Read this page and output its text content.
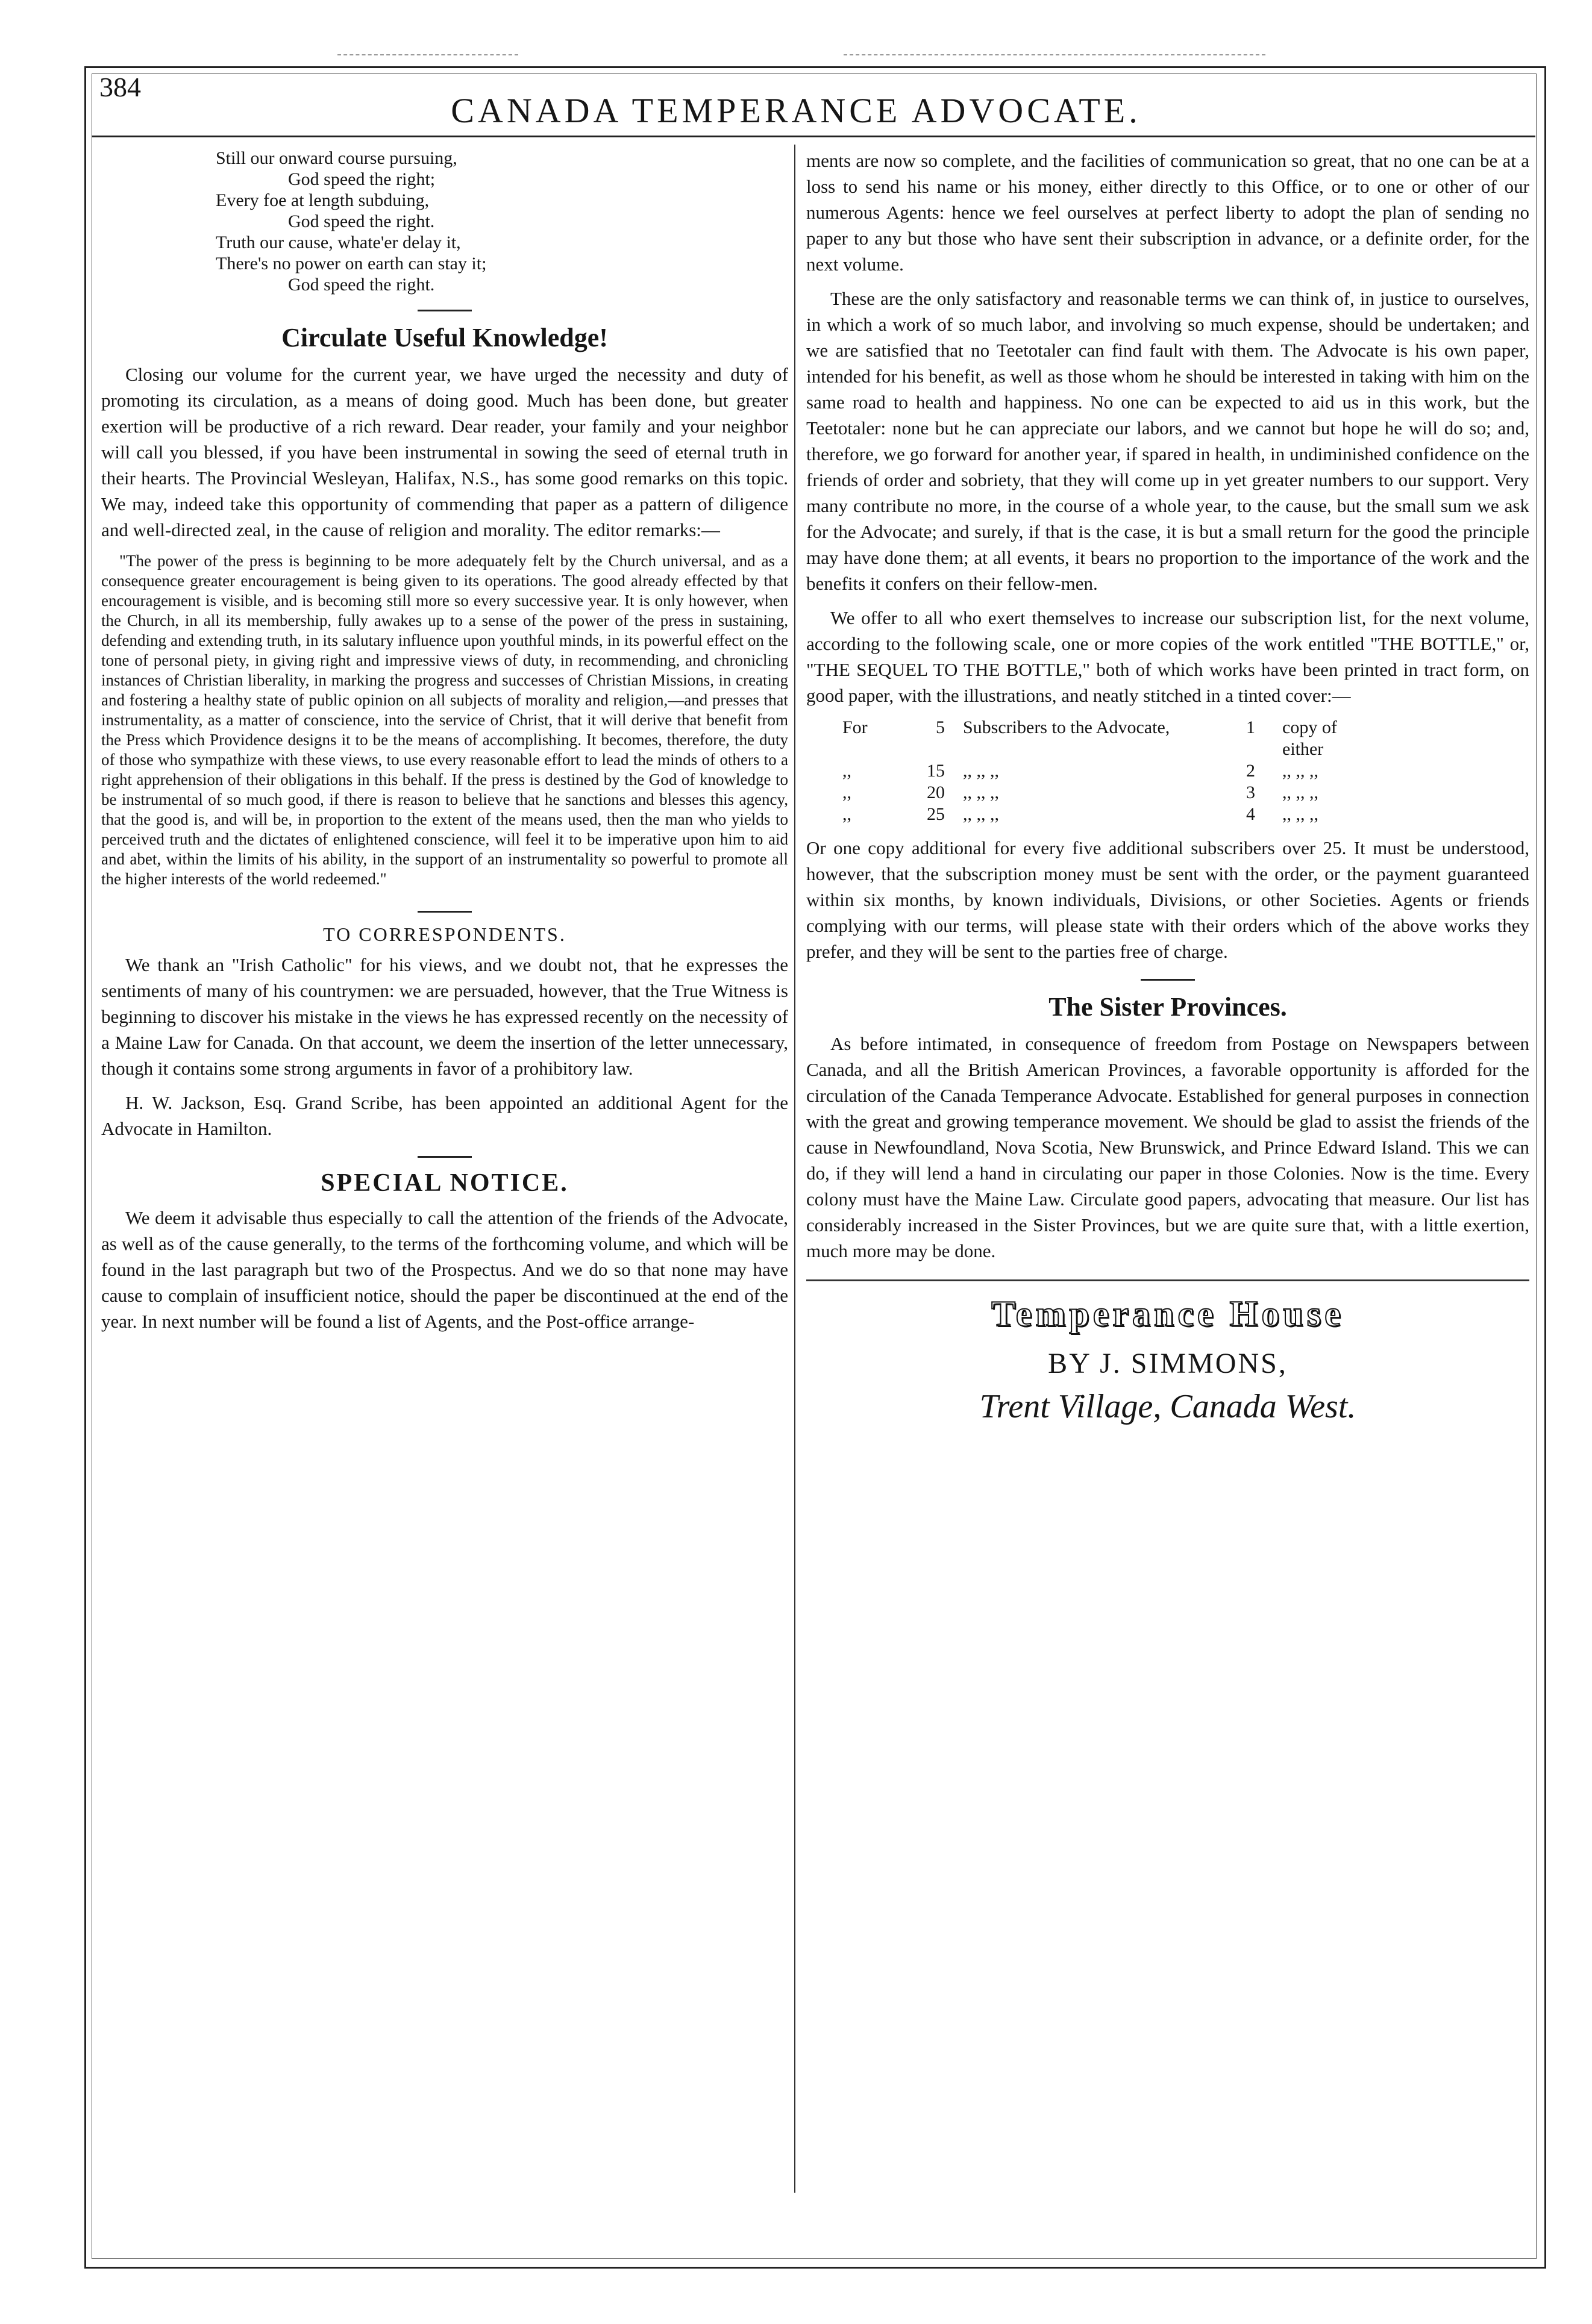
384
CANADA TEMPERANCE ADVOCATE.
Still our onward course pursuing,
God speed the right;
Every foe at length subduing,
God speed the right.
Truth our cause, whate'er delay it,
There's no power on earth can stay it;
God speed the right.
Circulate Useful Knowledge!

Closing our volume for the current year, we have urged the necessity and duty of promoting its circulation, as a means of doing good. Much has been done, but greater exertion will be productive of a rich reward. Dear reader, your family and your neighbor will call you blessed, if you have been instrumental in sowing the seed of eternal truth in their hearts. The Provincial Wesleyan, Halifax, N.S., has some good remarks on this topic. We may, indeed take this opportunity of commending that paper as a pattern of diligence and well-directed zeal, in the cause of religion and morality. The editor remarks:—

"The power of the press is beginning to be more adequately felt by the Church universal, and as a consequence greater encouragement is being given to its operations. The good already effected by that encouragement is visible, and is becoming still more so every successive year. It is only however, when the Church, in all its membership, fully awakes up to a sense of the power of the press in sustaining, defending and extending truth, in its salutary influence upon youthful minds, in its powerful effect on the tone of personal piety, in giving right and impressive views of duty, in recommending, and chronicling instances of Christian liberality, in marking the progress and successes of Christian Missions, in creating and fostering a healthy state of public opinion on all subjects of morality and religion,—and presses that instrumentality, as a matter of conscience, into the service of Christ, that it will derive that benefit from the Press which Providence designs it to be the means of accomplishing. It becomes, therefore, the duty of those who sympathize with these views, to use every reasonable effort to lead the minds of others to a right apprehension of their obligations in this behalf. If the press is destined by the God of knowledge to be instrumental of so much good, if there is reason to believe that he sanctions and blesses this agency, that the good is, and will be, in proportion to the extent of the means used, then the man who yields to perceived truth and the dictates of enlightened conscience, will feel it to be imperative upon him to aid and abet, within the limits of his ability, in the support of an instrumentality so powerful to promote all the higher interests of the world redeemed."

TO CORRESPONDENTS.

We thank an "Irish Catholic" for his views, and we doubt not, that he expresses the sentiments of many of his countrymen: we are persuaded, however, that the True Witness is beginning to discover his mistake in the views he has expressed recently on the necessity of a Maine Law for Canada. On that account, we deem the insertion of the letter unnecessary, though it contains some strong arguments in favor of a prohibitory law.

H. W. Jackson, Esq. Grand Scribe, has been appointed an additional Agent for the Advocate in Hamilton.

SPECIAL NOTICE.

We deem it advisable thus especially to call the attention of the friends of the Advocate, as well as of the cause generally, to the terms of the forthcoming volume, and which will be found in the last paragraph but two of the Prospectus. And we do so that none may have cause to complain of insufficient notice, should the paper be discontinued at the end of the year. In next number will be found a list of Agents, and the Post-office arrange-

ments are now so complete, and the facilities of communication so great, that no one can be at a loss to send his name or his money, either directly to this Office, or to one or other of our numerous Agents: hence we feel ourselves at perfect liberty to adopt the plan of sending no paper to any but those who have sent their subscription in advance, or a definite order, for the next volume.

These are the only satisfactory and reasonable terms we can think of, in justice to ourselves, in which a work of so much labor, and involving so much expense, should be undertaken; and we are satisfied that no Teetotaler can find fault with them. The Advocate is his own paper, intended for his benefit, as well as those whom he should be interested in taking with him on the same road to health and happiness. No one can be expected to aid us in this work, but the Teetotaler: none but he can appreciate our labors, and we cannot but hope he will do so; and, therefore, we go forward for another year, if spared in health, in undiminished confidence on the friends of order and sobriety, that they will come up in yet greater numbers to our support. Very many contribute no more, in the course of a whole year, to the cause, but the small sum we ask for the Advocate; and surely, if that is the case, it is but a small return for the good the principle may have done them; at all events, it bears no proportion to the importance of the work and the benefits it confers on their fellow-men.

We offer to all who exert themselves to increase our subscription list, for the next volume, according to the following scale, one or more copies of the work entitled "THE BOTTLE," or, "THE SEQUEL TO THE BOTTLE," both of which works have been printed in tract form, on good paper, with the illustrations, and neatly stitched in a tinted cover:—

For	5	Subscribers to the Advocate,	1	copy of either
,,	15	,, ,, ,,	2	,, ,, ,,
,,	20	,, ,, ,,	3	,, ,, ,,
,,	25	,, ,, ,,	4	,, ,, ,,

Or one copy additional for every five additional subscribers over 25. It must be understood, however, that the subscription money must be sent with the order, or the payment guaranteed within six months, by known individuals, Divisions, or other Societies. Agents or friends complying with our terms, will please state with their orders which of the above works they prefer, and they will be sent to the parties free of charge.

The Sister Provinces.

As before intimated, in consequence of freedom from Postage on Newspapers between Canada, and all the British American Provinces, a favorable opportunity is afforded for the circulation of the Canada Temperance Advocate. Established for general purposes in connection with the great and growing temperance movement. We should be glad to assist the friends of the cause in Newfoundland, Nova Scotia, New Brunswick, and Prince Edward Island. This we can do, if they will lend a hand in circulating our paper in those Colonies. Now is the time. Every colony must have the Maine Law. Circulate good papers, advocating that measure. Our list has considerably increased in the Sister Provinces, but we are quite sure that, with a little exertion, much more may be done.

Temperance House
BY J. SIMMONS,
Trent Village, Canada West.
